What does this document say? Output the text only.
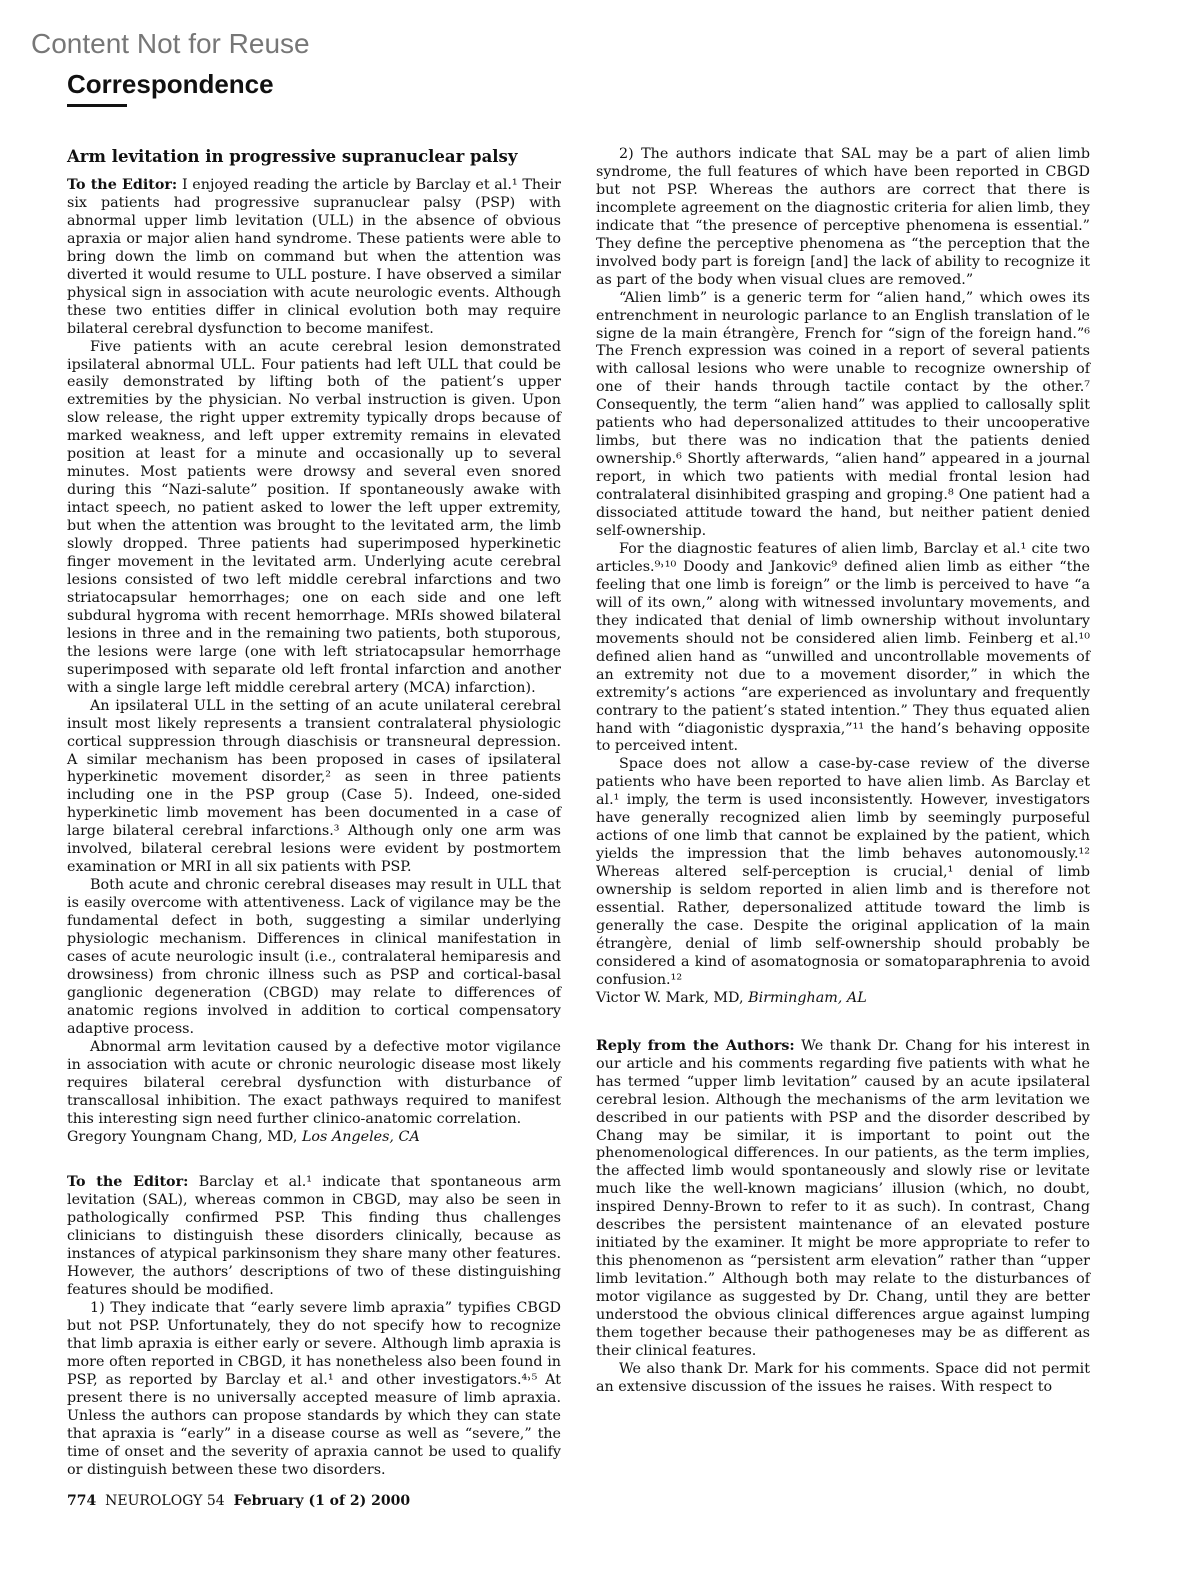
Content Not for Reuse
Correspondence
Arm levitation in progressive supranuclear palsy

To the Editor: I enjoyed reading the article by Barclay et al.¹ Their six patients had progressive supranuclear palsy (PSP) with abnormal upper limb levitation (ULL) in the absence of obvious apraxia or major alien hand syndrome. These patients were able to bring down the limb on command but when the attention was diverted it would resume to ULL posture. I have observed a similar physical sign in association with acute neurologic events. Although these two entities differ in clinical evolution both may require bilateral cerebral dysfunction to become manifest.

Five patients with an acute cerebral lesion demonstrated ipsilateral abnormal ULL. Four patients had left ULL that could be easily demonstrated by lifting both of the patient’s upper extremities by the physician. No verbal instruction is given. Upon slow release, the right upper extremity typically drops because of marked weakness, and left upper extremity remains in elevated position at least for a minute and occasionally up to several minutes. Most patients were drowsy and several even snored during this “Nazi-salute” position. If spontaneously awake with intact speech, no patient asked to lower the left upper extremity, but when the attention was brought to the levitated arm, the limb slowly dropped. Three patients had superimposed hyperkinetic finger movement in the levitated arm. Underlying acute cerebral lesions consisted of two left middle cerebral infarctions and two striatocapsular hemorrhages; one on each side and one left subdural hygroma with recent hemorrhage. MRIs showed bilateral lesions in three and in the remaining two patients, both stuporous, the lesions were large (one with left striatocapsular hemorrhage superimposed with separate old left frontal infarction and another with a single large left middle cerebral artery (MCA) infarction).

An ipsilateral ULL in the setting of an acute unilateral cerebral insult most likely represents a transient contralateral physiologic cortical suppression through diaschisis or transneural depression. A similar mechanism has been proposed in cases of ipsilateral hyperkinetic movement disorder,² as seen in three patients including one in the PSP group (Case 5). Indeed, one-sided hyperkinetic limb movement has been documented in a case of large bilateral cerebral infarctions.³ Although only one arm was involved, bilateral cerebral lesions were evident by postmortem examination or MRI in all six patients with PSP.

Both acute and chronic cerebral diseases may result in ULL that is easily overcome with attentiveness. Lack of vigilance may be the fundamental defect in both, suggesting a similar underlying physiologic mechanism. Differences in clinical manifestation in cases of acute neurologic insult (i.e., contralateral hemiparesis and drowsiness) from chronic illness such as PSP and cortical-basal ganglionic degeneration (CBGD) may relate to differences of anatomic regions involved in addition to cortical compensatory adaptive process.

Abnormal arm levitation caused by a defective motor vigilance in association with acute or chronic neurologic disease most likely requires bilateral cerebral dysfunction with disturbance of transcallosal inhibition. The exact pathways required to manifest this interesting sign need further clinico-anatomic correlation.

Gregory Youngnam Chang, MD, Los Angeles, CA

To the Editor: Barclay et al.¹ indicate that spontaneous arm levitation (SAL), whereas common in CBGD, may also be seen in pathologically confirmed PSP. This finding thus challenges clinicians to distinguish these disorders clinically, because as instances of atypical parkinsonism they share many other features. However, the authors’ descriptions of two of these distinguishing features should be modified.

1) They indicate that “early severe limb apraxia” typifies CBGD but not PSP. Unfortunately, they do not specify how to recognize that limb apraxia is either early or severe. Although limb apraxia is more often reported in CBGD, it has nonetheless also been found in PSP, as reported by Barclay et al.¹ and other investigators.⁴˒⁵ At present there is no universally accepted measure of limb apraxia. Unless the authors can propose standards by which they can state that apraxia is “early” in a disease course as well as “severe,” the time of onset and the severity of apraxia cannot be used to qualify or distinguish between these two disorders.

2) The authors indicate that SAL may be a part of alien limb syndrome, the full features of which have been reported in CBGD but not PSP. Whereas the authors are correct that there is incomplete agreement on the diagnostic criteria for alien limb, they indicate that “the presence of perceptive phenomena is essential.” They define the perceptive phenomena as “the perception that the involved body part is foreign [and] the lack of ability to recognize it as part of the body when visual clues are removed.”

“Alien limb” is a generic term for “alien hand,” which owes its entrenchment in neurologic parlance to an English translation of le signe de la main étrangère, French for “sign of the foreign hand.”⁶ The French expression was coined in a report of several patients with callosal lesions who were unable to recognize ownership of one of their hands through tactile contact by the other.⁷ Consequently, the term “alien hand” was applied to callosally split patients who had depersonalized attitudes to their uncooperative limbs, but there was no indication that the patients denied ownership.⁶ Shortly afterwards, “alien hand” appeared in a journal report, in which two patients with medial frontal lesion had contralateral disinhibited grasping and groping.⁸ One patient had a dissociated attitude toward the hand, but neither patient denied self-ownership.

For the diagnostic features of alien limb, Barclay et al.¹ cite two articles.⁹˒¹⁰ Doody and Jankovic⁹ defined alien limb as either “the feeling that one limb is foreign” or the limb is perceived to have “a will of its own,” along with witnessed involuntary movements, and they indicated that denial of limb ownership without involuntary movements should not be considered alien limb. Feinberg et al.¹⁰ defined alien hand as “unwilled and uncontrollable movements of an extremity not due to a movement disorder,” in which the extremity’s actions “are experienced as involuntary and frequently contrary to the patient’s stated intention.” They thus equated alien hand with “diagonistic dyspraxia,”¹¹ the hand’s behaving opposite to perceived intent.

Space does not allow a case-by-case review of the diverse patients who have been reported to have alien limb. As Barclay et al.¹ imply, the term is used inconsistently. However, investigators have generally recognized alien limb by seemingly purposeful actions of one limb that cannot be explained by the patient, which yields the impression that the limb behaves autonomously.¹² Whereas altered self-perception is crucial,¹ denial of limb ownership is seldom reported in alien limb and is therefore not essential. Rather, depersonalized attitude toward the limb is generally the case. Despite the original application of la main étrangère, denial of limb self-ownership should probably be considered a kind of asomatognosia or somatoparaphrenia to avoid confusion.¹²

Victor W. Mark, MD, Birmingham, AL

Reply from the Authors: We thank Dr. Chang for his interest in our article and his comments regarding five patients with what he has termed “upper limb levitation” caused by an acute ipsilateral cerebral lesion. Although the mechanisms of the arm levitation we described in our patients with PSP and the disorder described by Chang may be similar, it is important to point out the phenomenological differences. In our patients, as the term implies, the affected limb would spontaneously and slowly rise or levitate much like the well-known magicians’ illusion (which, no doubt, inspired Denny-Brown to refer to it as such). In contrast, Chang describes the persistent maintenance of an elevated posture initiated by the examiner. It might be more appropriate to refer to this phenomenon as “persistent arm elevation” rather than “upper limb levitation.” Although both may relate to the disturbances of motor vigilance as suggested by Dr. Chang, until they are better understood the obvious clinical differences argue against lumping them together because their pathogeneses may be as different as their clinical features.

We also thank Dr. Mark for his comments. Space did not permit an extensive discussion of the issues he raises. With respect to

774 NEUROLOGY 54 February (1 of 2) 2000
